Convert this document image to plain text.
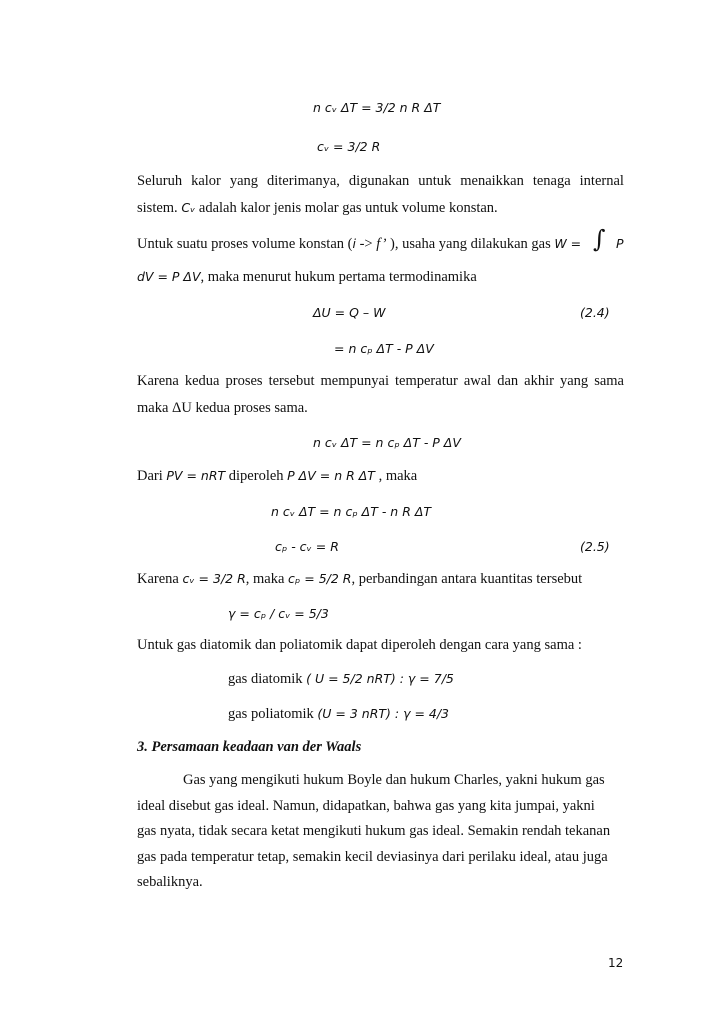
n cᵥ ΔT = 3/2 n R ΔT
cᵥ = 3/2 R
Seluruh kalor yang diterimanya, digunakan untuk menaikkan tenaga internal
sistem. Cᵥ adalah kalor jenis molar gas untuk volume konstan.
Untuk suatu proses volume konstan (i -> f’ ), usaha yang dilakukan gas W = ∫ P
dV = P ΔV, maka menurut hukum pertama termodinamika
ΔU = Q – W	(2.4)
= n cₚ ΔT - P ΔV
Karena kedua proses tersebut mempunyai temperatur awal dan akhir yang sama
maka ΔU kedua proses sama.
n cᵥ ΔT = n cₚ ΔT - P ΔV
Dari PV = nRT diperoleh P ΔV = n R ΔT , maka
n cᵥ ΔT = n cₚ ΔT - n R ΔT
cₚ - cᵥ = R	(2.5)
Karena cᵥ = 3/2 R, maka cₚ = 5/2 R, perbandingan antara kuantitas tersebut
γ = cₚ / cᵥ = 5/3
Untuk gas diatomik dan poliatomik dapat diperoleh dengan cara yang sama :
gas diatomik ( U = 5/2 nRT) : γ = 7/5
gas poliatomik (U = 3 nRT) : γ = 4/3
3. Persamaan keadaan van der Waals
Gas yang mengikuti hukum Boyle dan hukum Charles, yakni hukum gas
ideal disebut gas ideal. Namun, didapatkan, bahwa gas yang kita jumpai, yakni
gas nyata, tidak secara ketat mengikuti hukum gas ideal. Semakin rendah tekanan
gas pada temperatur tetap, semakin kecil deviasinya dari perilaku ideal, atau juga
sebaliknya.
12
